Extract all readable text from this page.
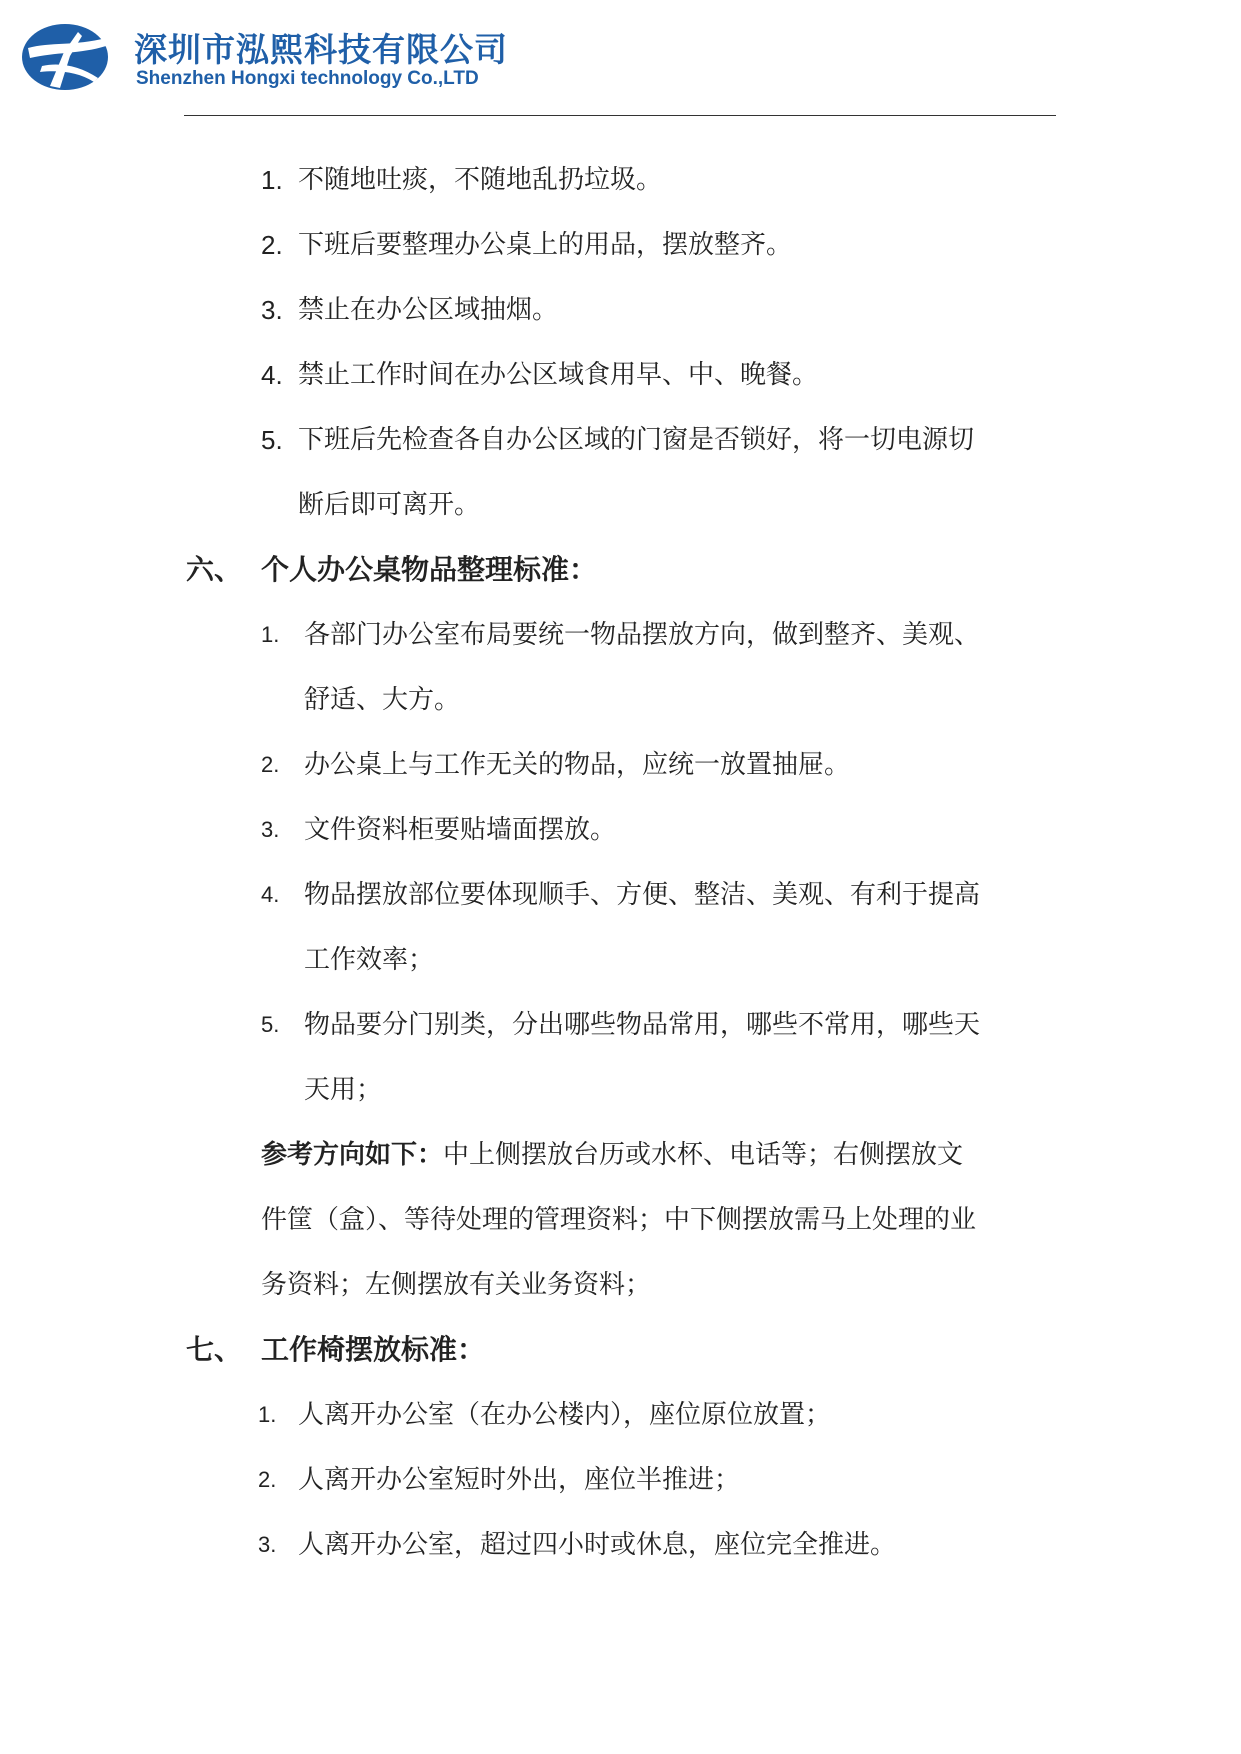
深圳市泓熙科技有限公司
Shenzhen Hongxi technology Co.,LTD
1. 不随地吐痰，不随地乱扔垃圾。
2. 下班后要整理办公桌上的用品，摆放整齐。
3. 禁止在办公区域抽烟。
4. 禁止工作时间在办公区域食用早、中、晚餐。
5. 下班后先检查各自办公区域的门窗是否锁好，将一切电源切
断后即可离开。
六、 个人办公桌物品整理标准：
1. 各部门办公室布局要统一物品摆放方向，做到整齐、美观、
舒适、大方。
2. 办公桌上与工作无关的物品，应统一放置抽屉。
3. 文件资料柜要贴墙面摆放。
4. 物品摆放部位要体现顺手、方便、整洁、美观、有利于提高
工作效率；
5. 物品要分门别类，分出哪些物品常用，哪些不常用，哪些天
天用；
参考方向如下：中上侧摆放台历或水杯、电话等；右侧摆放文
件筐（盒）、等待处理的管理资料；中下侧摆放需马上处理的业
务资料；左侧摆放有关业务资料；
七、 工作椅摆放标准：
1. 人离开办公室（在办公楼内），座位原位放置；
2. 人离开办公室短时外出，座位半推进；
3. 人离开办公室，超过四小时或休息，座位完全推进。
